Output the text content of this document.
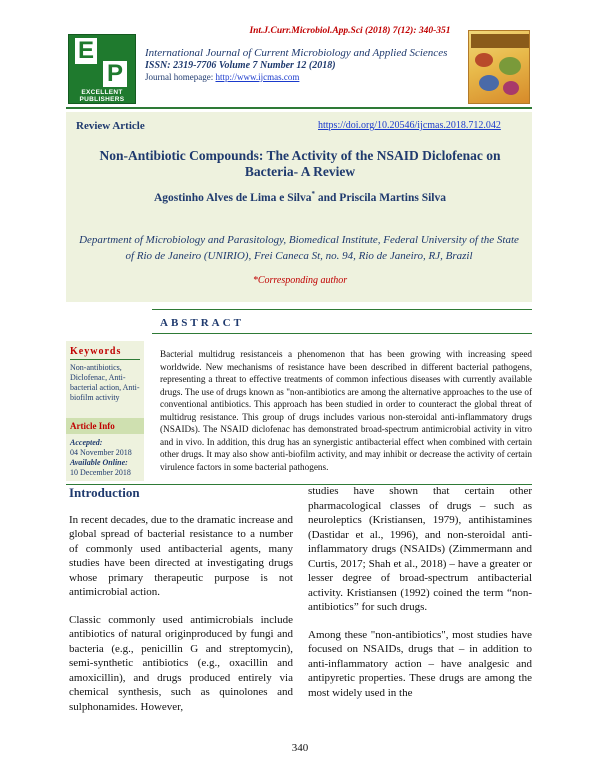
Int.J.Curr.Microbiol.App.Sci (2018) 7(12): 340-351
E
P
EXCELLENT
PUBLISHERS
International Journal of Current Microbiology and Applied Sciences
ISSN: 2319-7706 Volume 7 Number 12 (2018)
Journal homepage: http://www.ijcmas.com
Review Article	https://doi.org/10.20546/ijcmas.2018.712.042
Non-Antibiotic Compounds: The Activity of the NSAID Diclofenac on Bacteria- A Review
Agostinho Alves de Lima e Silva* and Priscila Martins Silva
Department of Microbiology and Parasitology, Biomedical Institute, Federal University of the State of Rio de Janeiro (UNIRIO), Frei Caneca St, no. 94, Rio de Janeiro, RJ, Brazil
*Corresponding author
ABSTRACT
Keywords
Non-antibiotics, Diclofenac, Anti-bacterial action, Anti-biofilm activity
Article Info
Accepted:
04 November 2018
Available Online:
10 December 2018
Bacterial multidrug resistanceis a phenomenon that has been growing with increasing speed worldwide. New mechanisms of resistance have been described in different bacterial pathogens, representing a threat to effective treatments of common infectious diseases with currently available drugs. The use of drugs known as "non-antibiotics are among the alternative approaches to the use of conventional antibiotics. This approach has been studied in order to counteract the global threat of multidrug resistance. This group of drugs includes various non-steroidal anti-inflammatory drugs (NSAIDs). The NSAID diclofenac has demonstrated broad-spectrum antimicrobial activity in vitro and in vivo. In addition, this drug has an synergistic antibacterial effect when combined with certain other drugs. It may also show anti-biofilm activity, and may inhibit or decrease the activity of certain virulence factors in some bacterial pathogens.
Introduction

In recent decades, due to the dramatic increase and global spread of bacterial resistance to a number of commonly used antibacterial agents, many studies have been directed at investigating drugs whose primary therapeutic purpose is not antimicrobial action.

Classic commonly used antimicrobials include antibiotics of natural originproduced by fungi and bacteria (e.g., penicillin G and streptomycin), semi-synthetic antibiotics (e.g., oxacillin and amoxicillin), and drugs produced entirely via chemical synthesis, such as quinolones and sulphonamides. However,

studies have shown that certain other pharmacological classes of drugs – such as neuroleptics (Kristiansen, 1979), antihistamines (Dastidar et al., 1996), and non-steroidal anti-inflammatory drugs (NSAIDs) (Zimmermann and Curtis, 2017; Shah et al., 2018) – have a greater or lesser degree of broad-spectrum antibacterial activity. Kristiansen (1992) coined the term “non-antibiotics” for such drugs.

Among these "non-antibiotics", most studies have focused on NSAIDs, drugs that – in addition to anti-inflammatory action – have analgesic and antipyretic properties. These drugs are among the most widely used in the

340
